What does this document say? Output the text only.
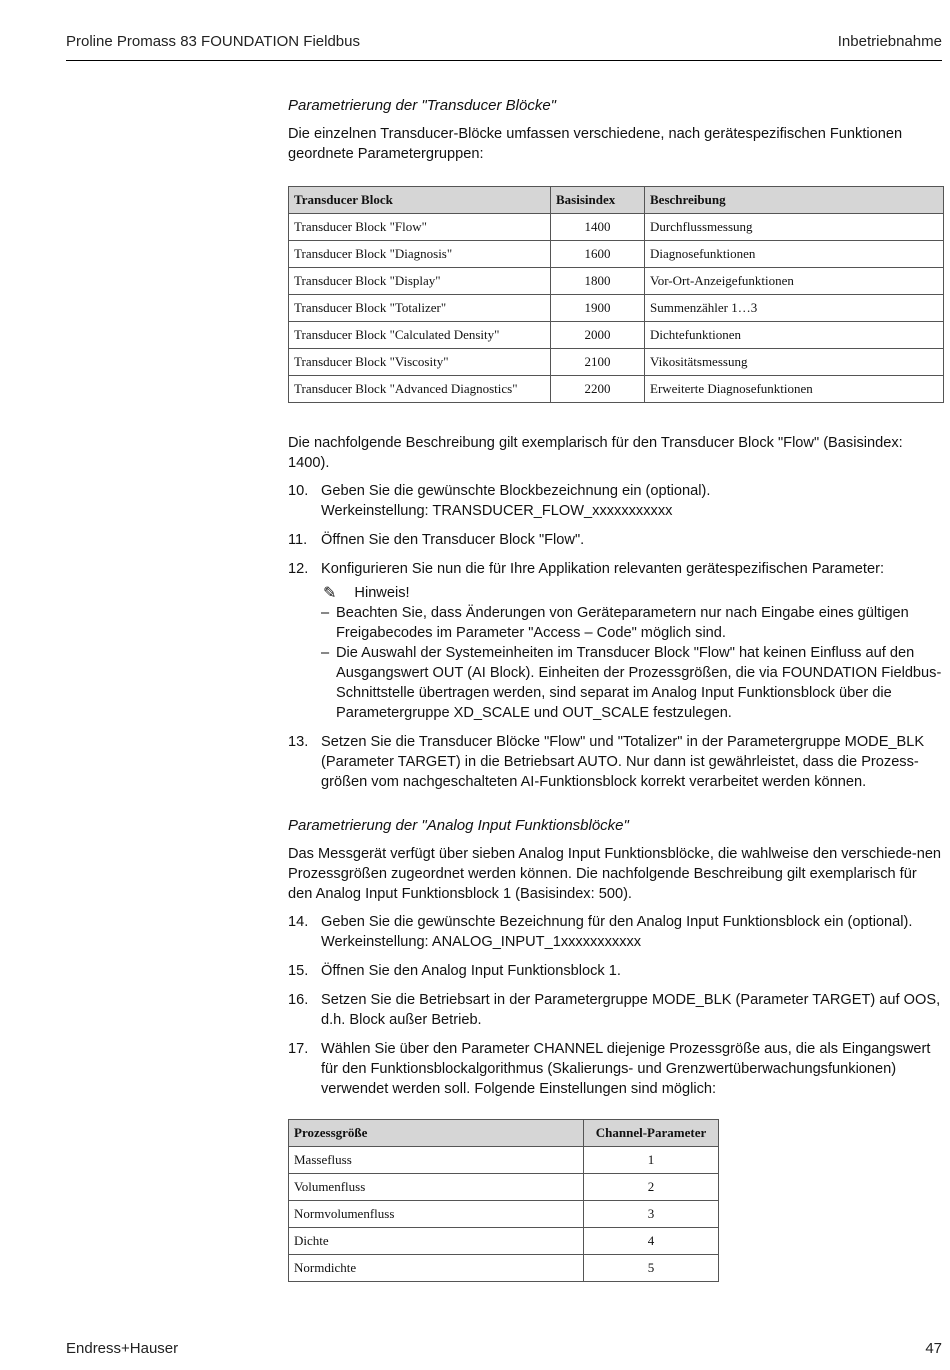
Proline Promass 83 FOUNDATION Fieldbus	Inbetriebnahme
Parametrierung der "Transducer Blöcke"

Die einzelnen Transducer-Blöcke umfassen verschiedene, nach gerätespezifischen Funktionen geordnete Parametergruppen:

Transducer Block	Basisindex	Beschreibung
Transducer Block "Flow"	1400	Durchflussmessung
Transducer Block "Diagnosis"	1600	Diagnosefunktionen
Transducer Block "Display"	1800	Vor-Ort-Anzeigefunktionen
Transducer Block "Totalizer"	1900	Summenzähler 1…3
Transducer Block "Calculated Density"	2000	Dichtefunktionen
Transducer Block "Viscosity"	2100	Vikositätsmessung
Transducer Block "Advanced Diagnostics"	2200	Erweiterte Diagnosefunktionen

Die nachfolgende Beschreibung gilt exemplarisch für den Transducer Block "Flow" (Basisindex: 1400).

10. Geben Sie die gewünschte Blockbezeichnung ein (optional).
Werkeinstellung: TRANSDUCER_FLOW_xxxxxxxxxxx
11. Öffnen Sie den Transducer Block "Flow".
12. Konfigurieren Sie nun die für Ihre Applikation relevanten gerätespezifischen Parameter:
✎ Hinweis!
– Beachten Sie, dass Änderungen von Geräteparametern nur nach Eingabe eines gültigen Freigabecodes im Parameter "Access – Code" möglich sind.
– Die Auswahl der Systemeinheiten im Transducer Block "Flow" hat keinen Einfluss auf den Ausgangswert OUT (AI Block). Einheiten der Prozessgrößen, die via FOUNDATION Fieldbus-Schnittstelle übertragen werden, sind separat im Analog Input Funktionsblock über die Parametergruppe XD_SCALE und OUT_SCALE festzulegen.
13. Setzen Sie die Transducer Blöcke "Flow" und "Totalizer" in der Parametergruppe MODE_BLK (Parameter TARGET) in die Betriebsart AUTO. Nur dann ist gewährleistet, dass die Prozess-größen vom nachgeschalteten AI-Funktionsblock korrekt verarbeitet werden können.
Parametrierung der "Analog Input Funktionsblöcke"

Das Messgerät verfügt über sieben Analog Input Funktionsblöcke, die wahlweise den verschiede-nen Prozessgrößen zugeordnet werden können. Die nachfolgende Beschreibung gilt exemplarisch für den Analog Input Funktionsblock 1 (Basisindex: 500).

14. Geben Sie die gewünschte Bezeichnung für den Analog Input Funktionsblock ein (optional).
Werkeinstellung: ANALOG_INPUT_1xxxxxxxxxxx
15. Öffnen Sie den Analog Input Funktionsblock 1.
16. Setzen Sie die Betriebsart in der Parametergruppe MODE_BLK (Parameter TARGET) auf OOS, d.h. Block außer Betrieb.
17. Wählen Sie über den Parameter CHANNEL diejenige Prozessgröße aus, die als Eingangswert für den Funktionsblockalgorithmus (Skalierungs- und Grenzwertüberwachungsfunkionen) verwendet werden soll. Folgende Einstellungen sind möglich:
Prozessgröße	Channel-Parameter
Massefluss	1
Volumenfluss	2
Normvolumenfluss	3
Dichte	4
Normdichte	5
Endress+Hauser	47
